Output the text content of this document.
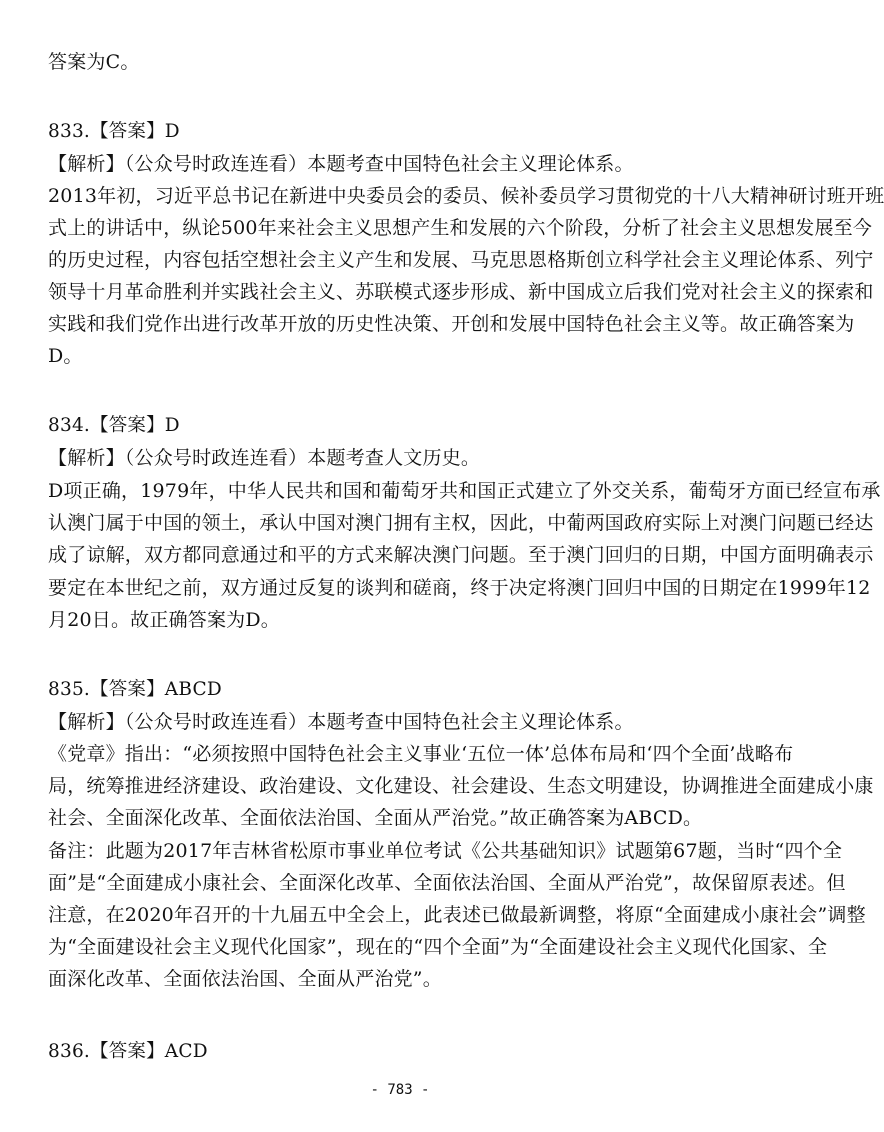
答案为C。
833.【答案】D
【解析】（公众号时政连连看）本题考查中国特色社会主义理论体系。
2013年初，习近平总书记在新进中央委员会的委员、候补委员学习贯彻党的十八大精神研讨班开班
式上的讲话中，纵论500年来社会主义思想产生和发展的六个阶段，分析了社会主义思想发展至今
的历史过程，内容包括空想社会主义产生和发展、马克思恩格斯创立科学社会主义理论体系、列宁
领导十月革命胜利并实践社会主义、苏联模式逐步形成、新中国成立后我们党对社会主义的探索和
实践和我们党作出进行改革开放的历史性决策、开创和发展中国特色社会主义等。故正确答案为
D。
834.【答案】D
【解析】（公众号时政连连看）本题考查人文历史。
D项正确，1979年，中华人民共和国和葡萄牙共和国正式建立了外交关系，葡萄牙方面已经宣布承
认澳门属于中国的领土，承认中国对澳门拥有主权，因此，中葡两国政府实际上对澳门问题已经达
成了谅解，双方都同意通过和平的方式来解决澳门问题。至于澳门回归的日期，中国方面明确表示
要定在本世纪之前，双方通过反复的谈判和磋商，终于决定将澳门回归中国的日期定在1999年12
月20日。故正确答案为D。
835.【答案】ABCD
【解析】（公众号时政连连看）本题考查中国特色社会主义理论体系。
《党章》指出：“必须按照中国特色社会主义事业‘五位一体’总体布局和‘四个全面’战略布
局，统筹推进经济建设、政治建设、文化建设、社会建设、生态文明建设，协调推进全面建成小康
社会、全面深化改革、全面依法治国、全面从严治党。”故正确答案为ABCD。
备注：此题为2017年吉林省松原市事业单位考试《公共基础知识》试题第67题，当时“四个全
面”是“全面建成小康社会、全面深化改革、全面依法治国、全面从严治党”，故保留原表述。但
注意，在2020年召开的十九届五中全会上，此表述已做最新调整，将原“全面建成小康社会”调整
为“全面建设社会主义现代化国家”，现在的“四个全面”为“全面建设社会主义现代化国家、全
面深化改革、全面依法治国、全面从严治党”。
836.【答案】ACD
- 783 -
